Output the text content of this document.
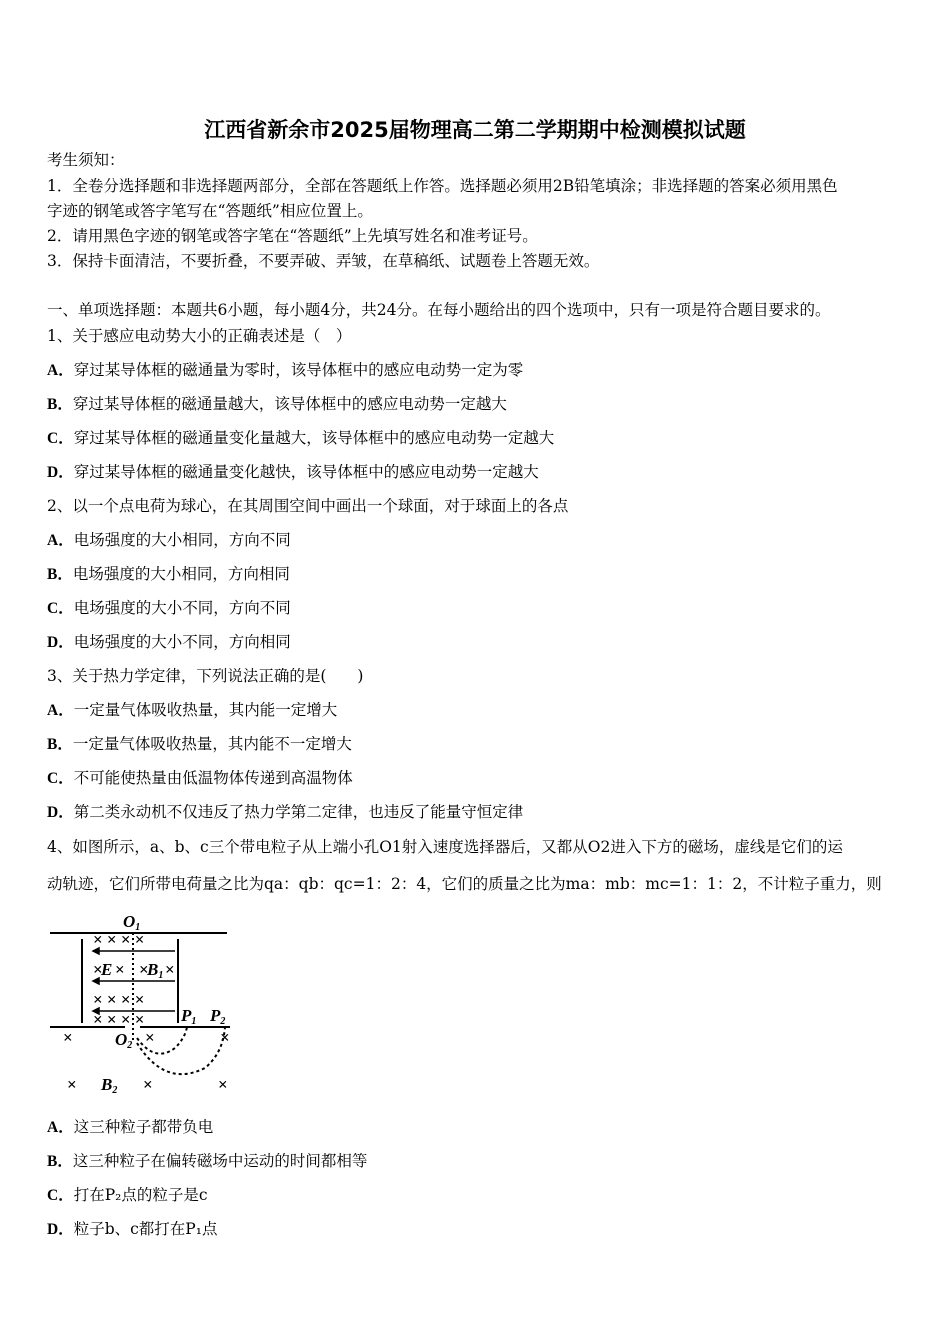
江西省新余市2025届物理高二第二学期期中检测模拟试题
考生须知：
1．全卷分选择题和非选择题两部分，全部在答题纸上作答。选择题必须用2B铅笔填涂；非选择题的答案必须用黑色
字迹的钢笔或答字笔写在“答题纸”相应位置上。
2．请用黑色字迹的钢笔或答字笔在“答题纸”上先填写姓名和准考证号。
3．保持卡面清洁，不要折叠，不要弄破、弄皱，在草稿纸、试题卷上答题无效。
一、单项选择题：本题共6小题，每小题4分，共24分。在每小题给出的四个选项中，只有一项是符合题目要求的。
1、关于感应电动势大小的正确表述是（　）
A．穿过某导体框的磁通量为零时，该导体框中的感应电动势一定为零
B．穿过某导体框的磁通量越大，该导体框中的感应电动势一定越大
C．穿过某导体框的磁通量变化量越大，该导体框中的感应电动势一定越大
D．穿过某导体框的磁通量变化越快，该导体框中的感应电动势一定越大
2、以一个点电荷为球心，在其周围空间中画出一个球面，对于球面上的各点
A．电场强度的大小相同，方向不同
B．电场强度的大小相同，方向相同
C．电场强度的大小不同，方向不同
D．电场强度的大小不同，方向相同
3、关于热力学定律，下列说法正确的是(　　)
A．一定量气体吸收热量，其内能一定增大
B．一定量气体吸收热量，其内能不一定增大
C．不可能使热量由低温物体传递到高温物体
D．第二类永动机不仅违反了热力学第二定律，也违反了能量守恒定律
4、如图所示，a、b、c三个带电粒子从上端小孔O1射入速度选择器后，又都从O2进入下方的磁场，虚线是它们的运
动轨迹，它们所带电荷量之比为qa：qb：qc=1：2：4，它们的质量之比为ma：mb：mc=1：1：2，不计粒子重力，则
× × × ×
× × × ×
× × × ×
×	×	×
×	×	×
× × × ×
O1
O2
E B1
B2
P1 P2
A．这三种粒子都带负电
B．这三种粒子在偏转磁场中运动的时间都相等
C．打在P₂点的粒子是c
D．粒子b、c都打在P₁点
